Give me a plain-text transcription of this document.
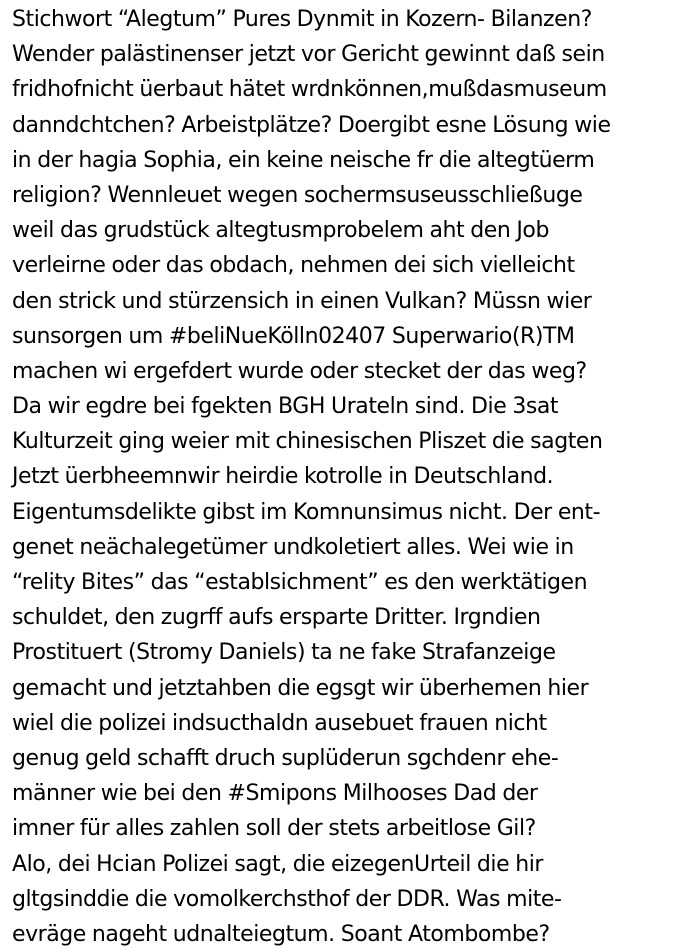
Stichwort “Alegtum” Pures Dynmit in Kozern- Bilanzen?
Wender palästinenser jetzt vor Gericht gewinnt daß sein
fridhofnicht üerbaut hätet wrdnkönnen,mußdasmuseum
danndchtchen? Arbeistplätze? Doergibt esne Lösung wie
in der hagia Sophia, ein keine neische fr die altegtüerm
religion? Wennleuet wegen sochermsuseusschließuge
weil das grudstück altegtusmprobelem aht den Job
verleirne oder das obdach, nehmen dei sich vielleicht
den strick und stürzensich in einen Vulkan? Müssn wier
sunsorgen um #beliNueKölln02407 Superwario(R)TM
machen wi ergefdert wurde oder stecket der das weg?
Da wir egdre bei fgekten BGH Urateln sind. Die 3sat
Kulturzeit ging weier mit chinesischen Pliszet die sagten
Jetzt üerbheemnwir heirdie kotrolle in Deutschland.
Eigentumsdelikte gibst im Komnunsimus nicht. Der ent-
genet neächalegetümer undkoletiert alles. Wei wie in
“relity Bites” das “establsichment” es den werktätigen
schuldet, den zugrff aufs ersparte Dritter. Irgndien
Prostituert (Stromy Daniels) ta ne fake Strafanzeige
gemacht und jetztahben die egsgt wir überhemen hier
wiel die polizei indsucthaldn ausebuet frauen nicht
genug geld schafft druch suplüderun sgchdenr ehe-
männer wie bei den #Smipons Milhooses Dad der
imner für alles zahlen soll der stets arbeitlose Gil?
Alo, dei Hcian Polizei sagt, die eizegenUrteil die hir
gltgsinddie die vomolkerchsthof der DDR. Was mite-
evräge nageht udnalteiegtum. Soant Atombombe?
